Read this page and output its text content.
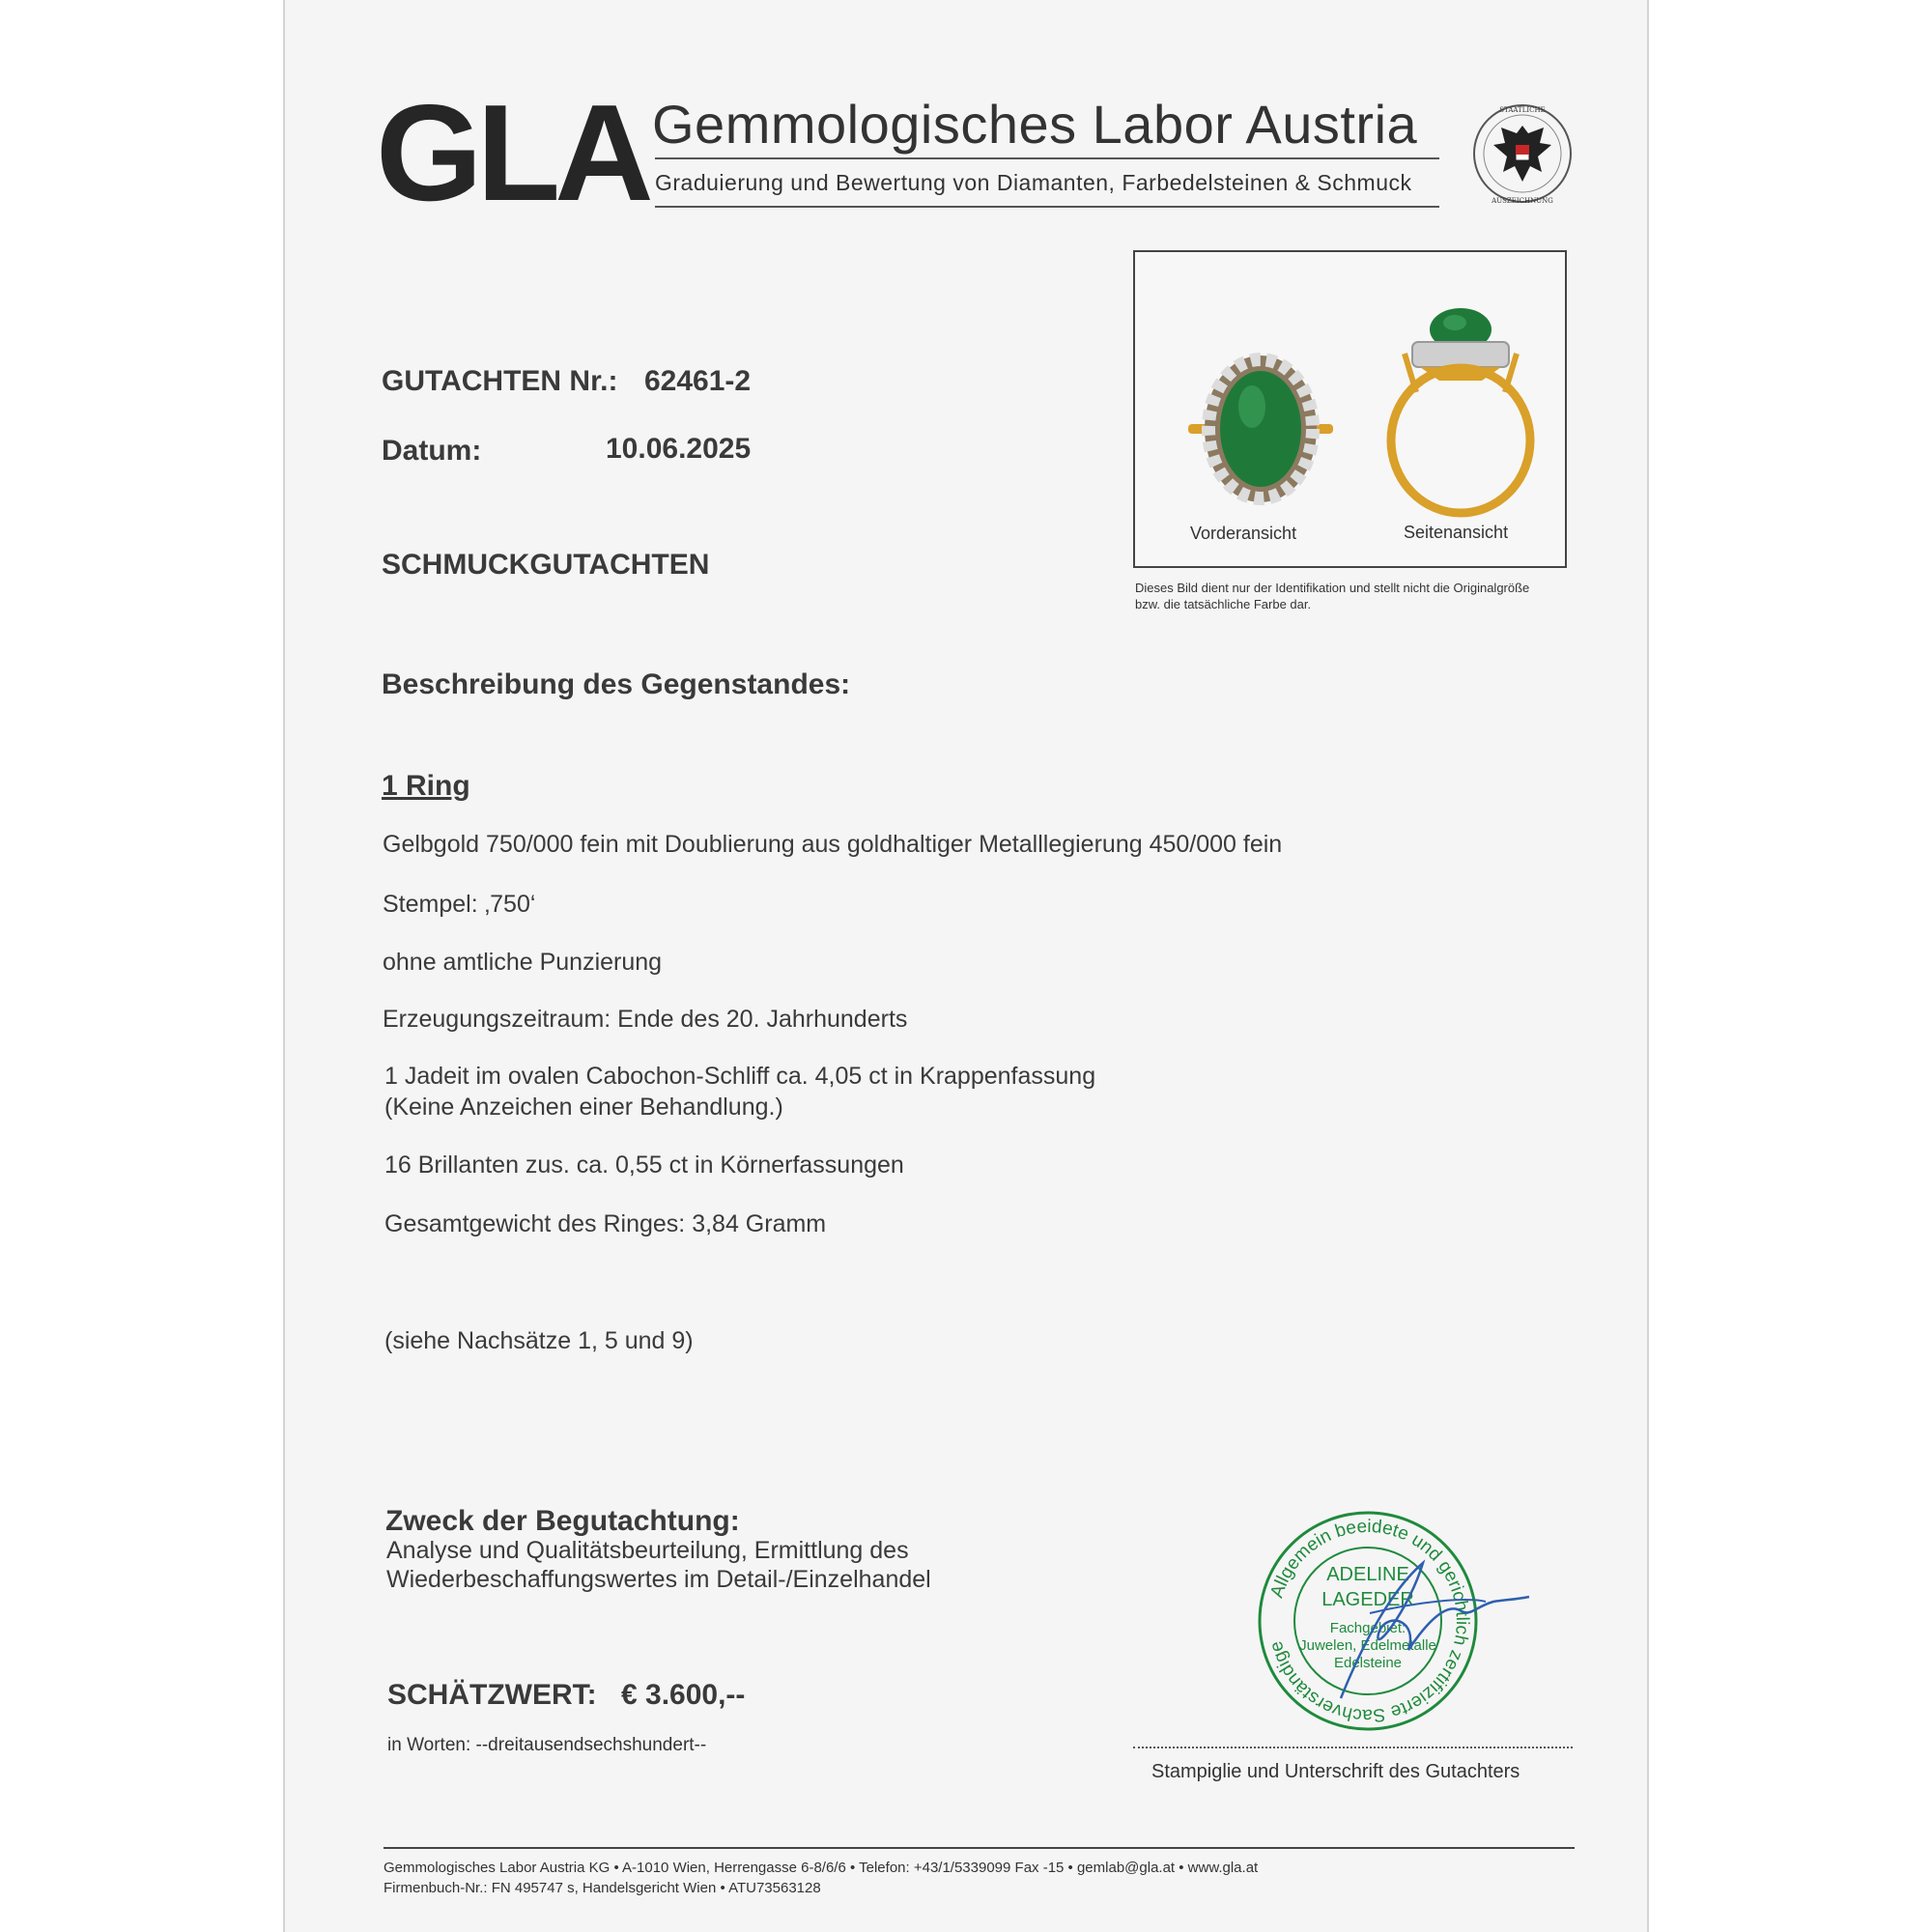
GLA Gemmologisches Labor Austria
Graduierung und Bewertung von Diamanten, Farbedelsteinen & Schmuck
STAATLICHE
AUSZEICHNUNG
GUTACHTEN Nr.: 62461-2
Datum:	10.06.2025
SCHMUCKGUTACHTEN
Vorderansicht	Seitenansicht
Dieses Bild dient nur der Identifikation und stellt nicht die Originalgröße bzw. die tatsächliche Farbe dar.
Beschreibung des Gegenstandes:
1 Ring
Gelbgold 750/000 fein mit Doublierung aus goldhaltiger Metalllegierung 450/000 fein
Stempel: ‚750‘
ohne amtliche Punzierung
Erzeugungszeitraum: Ende des 20. Jahrhunderts
1 Jadeit im ovalen Cabochon-Schliff ca. 4,05 ct in Krappenfassung
(Keine Anzeichen einer Behandlung.)
16 Brillanten zus. ca. 0,55 ct in Körnerfassungen
Gesamtgewicht des Ringes: 3,84 Gramm
(siehe Nachsätze 1, 5 und 9)
Zweck der Begutachtung:
Analyse und Qualitätsbeurteilung, Ermittlung des
Wiederbeschaffungswertes im Detail-/Einzelhandel
SCHÄTZWERT: € 3.600,--
in Worten: --dreitausendsechshundert--
Allgemein beeidete und gerichtlich zertifizierte Sachverständige
ADELINE
LAGEDER
Fachgebiet:
Juwelen, Edelmetalle
Edelsteine
Stampiglie und Unterschrift des Gutachters
Gemmologisches Labor Austria KG • A-1010 Wien, Herrengasse 6-8/6/6 • Telefon: +43/1/5339099 Fax -15 • gemlab@gla.at • www.gla.at
Firmenbuch-Nr.: FN 495747 s, Handelsgericht Wien • ATU73563128
